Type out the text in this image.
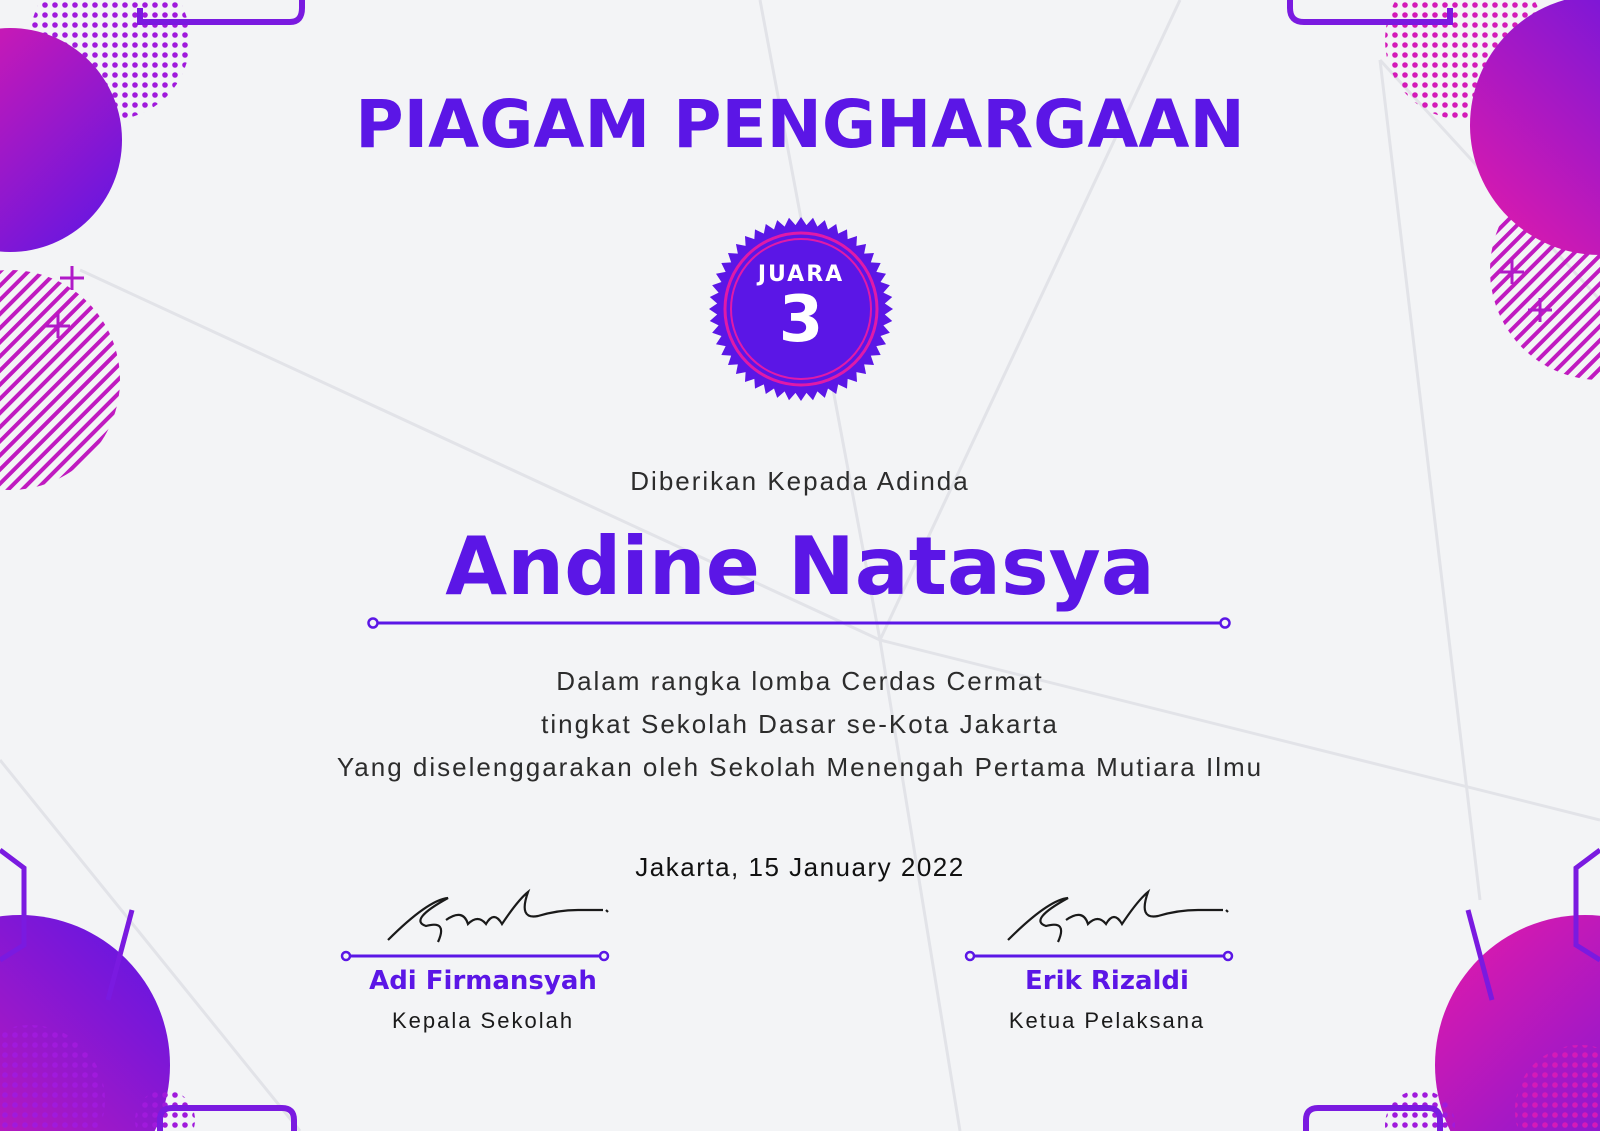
PIAGAM PENGHARGAAN
JUARA
3
Diberikan Kepada Adinda
Andine Natasya
Dalam rangka lomba Cerdas Cermat
tingkat Sekolah Dasar se-Kota Jakarta
Yang diselenggarakan oleh Sekolah Menengah Pertama Mutiara Ilmu
Jakarta, 15 January 2022
Adi Firmansyah
Kepala Sekolah
Erik Rizaldi
Ketua Pelaksana
